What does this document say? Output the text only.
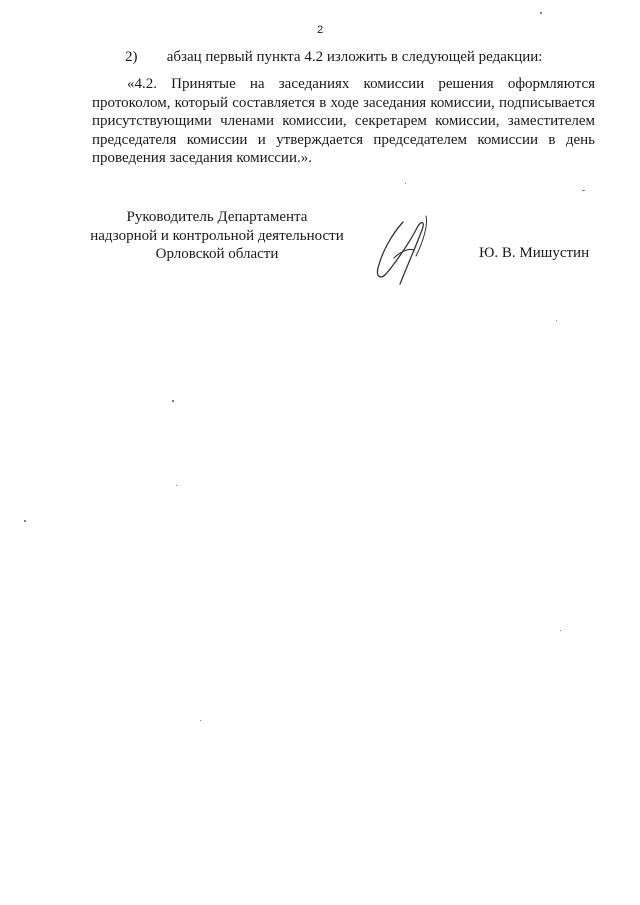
2
2) абзац первый пункта 4.2 изложить в следующей редакции:

«4.2. Принятые на заседаниях комиссии решения оформляются протоколом, который составляется в ходе заседания комиссии, подписывается присутствующими членами комиссии, секретарем комиссии, заместителем председателя комиссии и утверждается председателем комиссии в день проведения заседания комиссии.».

Руководитель Департамента
надзорной и контрольной деятельности
Орловской области	Ю. В. Мишустин
